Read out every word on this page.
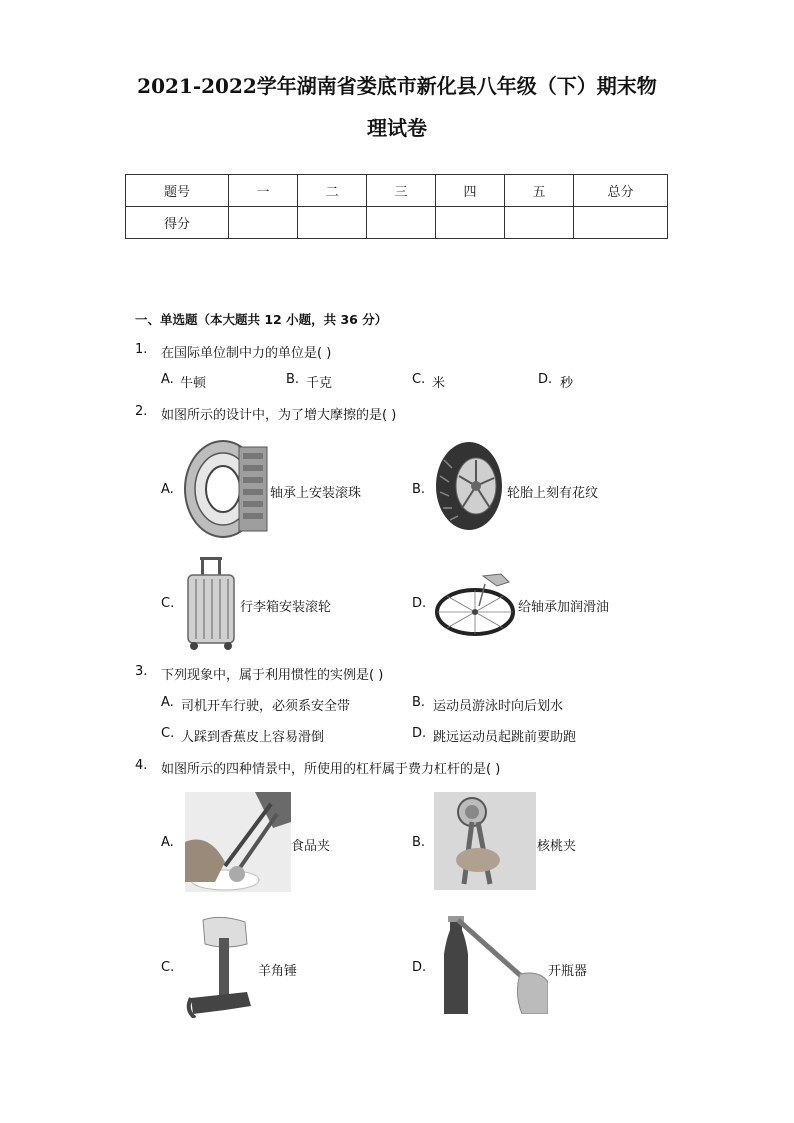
2021-2022学年湖南省娄底市新化县八年级（下）期末物
理试卷
题号	一	二	三	四	五	总分
得分						
一、单选题（本大题共 12 小题，共 36 分）
1. 在国际单位制中力的单位是( )
A. 牛顿	B. 千克	C. 米	D. 秒
2. 如图所示的设计中，为了增大摩擦的是( )
A.	轴承上安装滚珠	B.	轮胎上刻有花纹
C.	行李箱安装滚轮	D.	给轴承加润滑油
3. 下列现象中，属于利用惯性的实例是( )
A. 司机开车行驶，必须系安全带	B. 运动员游泳时向后划水
C. 人踩到香蕉皮上容易滑倒	D. 跳远运动员起跳前要助跑
4. 如图所示的四种情景中，所使用的杠杆属于费力杠杆的是( )
A.	食品夹	B.	核桃夹
C.	羊角锤	D.	开瓶器
